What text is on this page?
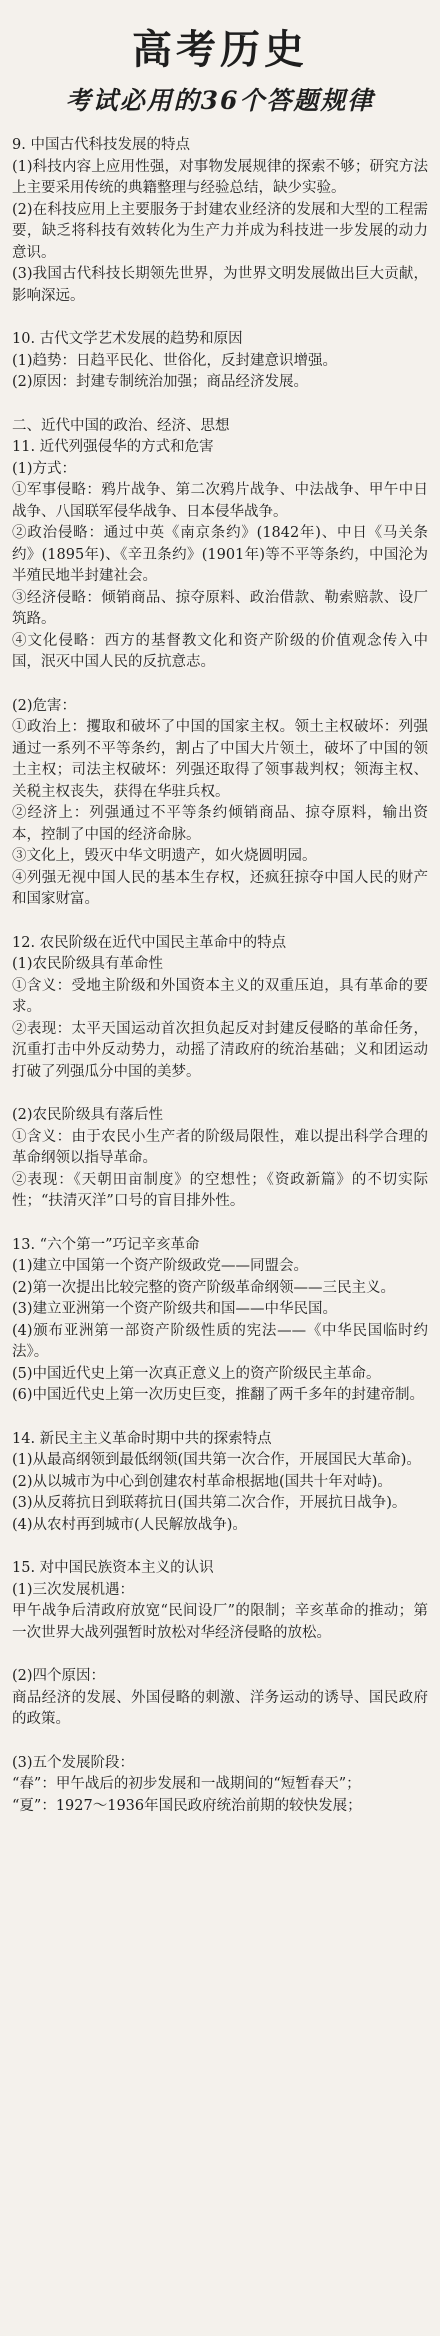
高考历史
考试必用的36个答题规律
9. 中国古代科技发展的特点
(1)科技内容上应用性强，对事物发展规律的探索不够；研究方法上主要采用传统的典籍整理与经验总结，缺少实验。
(2)在科技应用上主要服务于封建农业经济的发展和大型的工程需要，缺乏将科技有效转化为生产力并成为科技进一步发展的动力意识。
(3)我国古代科技长期领先世界，为世界文明发展做出巨大贡献，影响深远。
10. 古代文学艺术发展的趋势和原因
(1)趋势：日趋平民化、世俗化，反封建意识增强。
(2)原因：封建专制统治加强；商品经济发展。
二、近代中国的政治、经济、思想
11. 近代列强侵华的方式和危害
(1)方式：
①军事侵略：鸦片战争、第二次鸦片战争、中法战争、甲午中日战争、八国联军侵华战争、日本侵华战争。
②政治侵略：通过中英《南京条约》(1842年)、中日《马关条约》(1895年)、《辛丑条约》(1901年)等不平等条约，中国沦为半殖民地半封建社会。
③经济侵略：倾销商品、掠夺原料、政治借款、勒索赔款、设厂筑路。
④文化侵略：西方的基督教文化和资产阶级的价值观念传入中国，泯灭中国人民的反抗意志。
(2)危害：
①政治上：攫取和破坏了中国的国家主权。领土主权破坏：列强通过一系列不平等条约，割占了中国大片领土，破坏了中国的领土主权；司法主权破坏：列强还取得了领事裁判权；领海主权、关税主权丧失，获得在华驻兵权。
②经济上：列强通过不平等条约倾销商品、掠夺原料，输出资本，控制了中国的经济命脉。
③文化上，毁灭中华文明遗产，如火烧圆明园。
④列强无视中国人民的基本生存权，还疯狂掠夺中国人民的财产和国家财富。
12. 农民阶级在近代中国民主革命中的特点
(1)农民阶级具有革命性
①含义：受地主阶级和外国资本主义的双重压迫，具有革命的要求。
②表现：太平天国运动首次担负起反对封建反侵略的革命任务，沉重打击中外反动势力，动摇了清政府的统治基础；义和团运动打破了列强瓜分中国的美梦。
(2)农民阶级具有落后性
①含义：由于农民小生产者的阶级局限性，难以提出科学合理的革命纲领以指导革命。
②表现：《天朝田亩制度》的空想性；《资政新篇》的不切实际性；“扶清灭洋”口号的盲目排外性。
13. “六个第一”巧记辛亥革命
(1)建立中国第一个资产阶级政党——同盟会。
(2)第一次提出比较完整的资产阶级革命纲领——三民主义。
(3)建立亚洲第一个资产阶级共和国——中华民国。
(4)颁布亚洲第一部资产阶级性质的宪法——《中华民国临时约法》。
(5)中国近代史上第一次真正意义上的资产阶级民主革命。
(6)中国近代史上第一次历史巨变，推翻了两千多年的封建帝制。
14. 新民主主义革命时期中共的探索特点
(1)从最高纲领到最低纲领(国共第一次合作，开展国民大革命)。
(2)从以城市为中心到创建农村革命根据地(国共十年对峙)。
(3)从反蒋抗日到联蒋抗日(国共第二次合作，开展抗日战争)。
(4)从农村再到城市(人民解放战争)。
15. 对中国民族资本主义的认识
(1)三次发展机遇：
甲午战争后清政府放宽“民间设厂”的限制；辛亥革命的推动；第一次世界大战列强暂时放松对华经济侵略的放松。
(2)四个原因：
商品经济的发展、外国侵略的刺激、洋务运动的诱导、国民政府的政策。
(3)五个发展阶段：
“春”：甲午战后的初步发展和一战期间的“短暂春天”；
“夏”：1927～1936年国民政府统治前期的较快发展；
